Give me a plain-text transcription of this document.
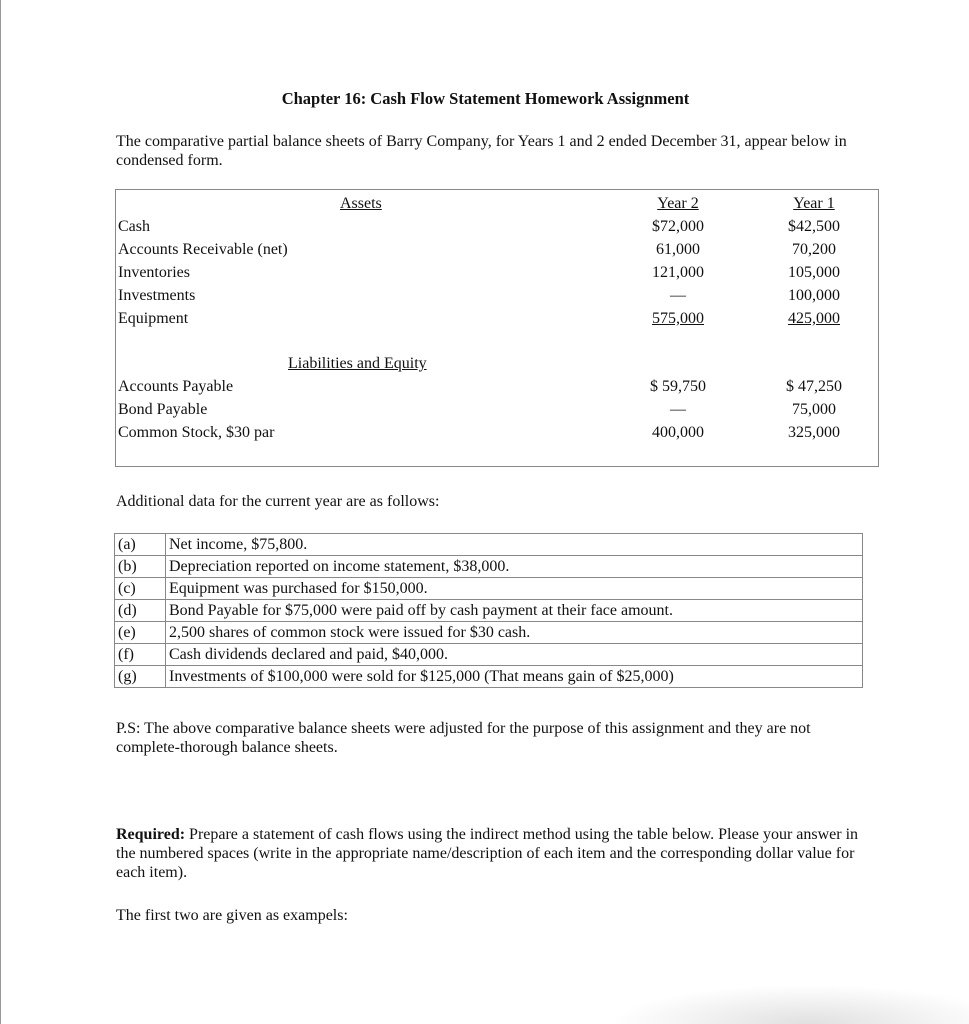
Chapter 16: Cash Flow Statement Homework Assignment
The comparative partial balance sheets of Barry Company, for Years 1 and 2 ended December 31, appear below in condensed form.
Assets	Year 2	Year 1
Cash	$72,000	$42,500
Accounts Receivable (net)	61,000	70,200
Inventories	121,000	105,000
Investments	—	100,000
Equipment	575,000	425,000
Liabilities and Equity
Accounts Payable	$ 59,750	$ 47,250
Bond Payable	—	75,000
Common Stock, $30 par	400,000	325,000
Additional data for the current year are as follows:
(a)	Net income, $75,800.
(b)	Depreciation reported on income statement, $38,000.
(c)	Equipment was purchased for $150,000.
(d)	Bond Payable for $75,000 were paid off by cash payment at their face amount.
(e)	2,500 shares of common stock were issued for $30 cash.
(f)	Cash dividends declared and paid, $40,000.
(g)	Investments of $100,000 were sold for $125,000 (That means gain of $25,000)
P.S: The above comparative balance sheets were adjusted for the purpose of this assignment and they are not complete-thorough balance sheets.
Required: Prepare a statement of cash flows using the indirect method using the table below. Please your answer in the numbered spaces (write in the appropriate name/description of each item and the corresponding dollar value for each item).
The first two are given as exampels:
